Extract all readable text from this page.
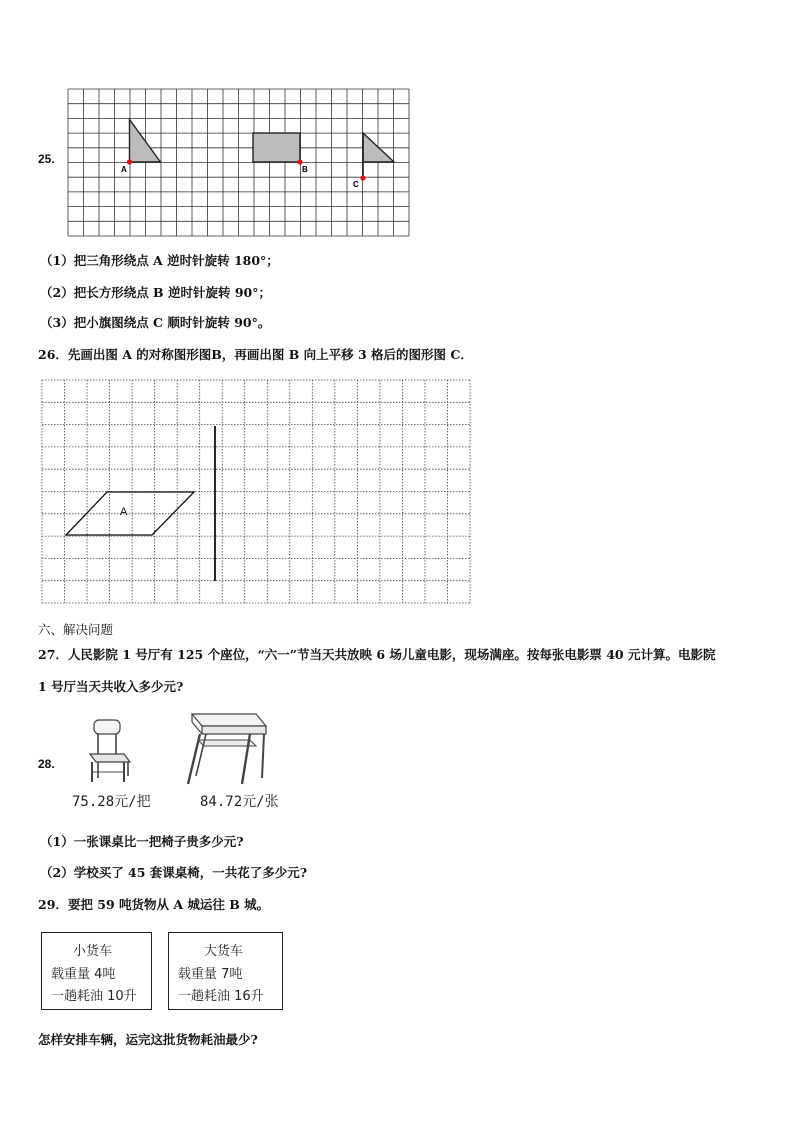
25.
A	B
C
（1）把三角形绕点 A 逆时针旋转 180°；
（2）把长方形绕点 B 逆时针旋转 90°；
（3）把小旗图绕点 C 顺时针旋转 90°。
26．先画出图 A 的对称图形图B，再画出图 B 向上平移 3 格后的图形图 C．
A
六、解决问题
27．人民影院 1 号厅有 125 个座位，“六一”节当天共放映 6 场儿童电影，现场满座。按每张电影票 40 元计算。电影院
1 号厅当天共收入多少元?
28.
75.28元/把	84.72元/张
（1）一张课桌比一把椅子贵多少元?
（2）学校买了 45 套课桌椅，一共花了多少元?
29．要把 59 吨货物从 A 城运往 B 城。
小货车
载重量 4吨
一趟耗油 10升
大货车
载重量 7吨
一趟耗油 16升
怎样安排车辆，运完这批货物耗油最少?
